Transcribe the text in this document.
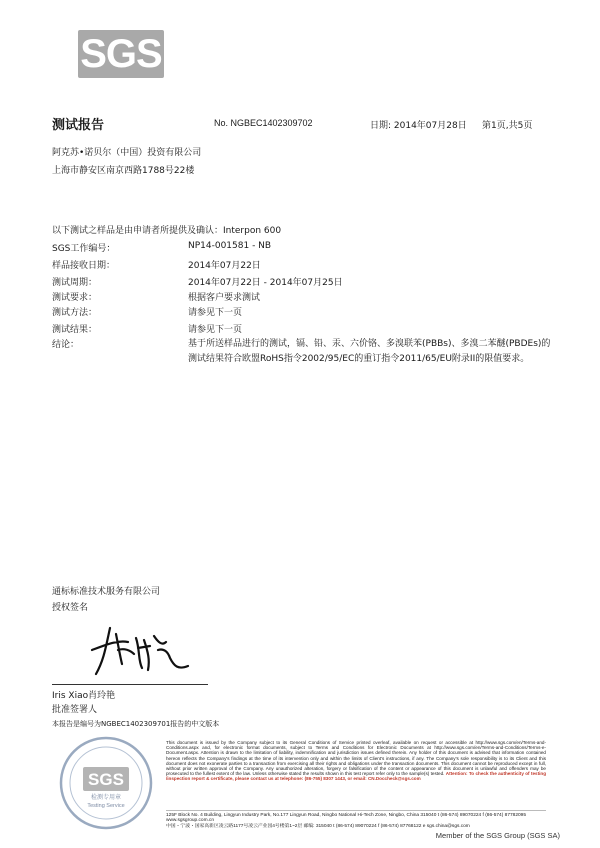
SGS
测试报告	No. NGBEC1402309702	日期: 2014年07月28日 第1页,共5页
阿克苏•诺贝尔（中国）投资有限公司
上海市静安区南京西路1788号22楼
以下测试之样品是由申请者所提供及确认：Interpon 600
SGS工作编号：	NP14-001581 - NB
样品接收日期：	2014年07月22日
测试周期：	2014年07月22日 - 2014年07月25日
测试要求：	根据客户要求测试
测试方法：	请参见下一页
测试结果：	请参见下一页
结论：	基于所送样品进行的测试，镉、铅、汞、六价铬、多溴联苯(PBBs)、多溴二苯醚(PBDEs)的测试结果符合欧盟RoHS指令2002/95/EC的重订指令2011/65/EU附录II的限值要求。
通标标准技术服务有限公司
授权签名
Iris Xiao肖玲艳
批准签署人
本报告是编号为NGBEC1402309701报告的中文版本
SGS
检测专用章
Testing Service
This document is issued by the Company subject to its General Conditions of Service printed overleaf, available on request or accessible at http://www.sgs.com/en/Terms-and-Conditions.aspx and, for electronic format documents, subject to Terms and Conditions for Electronic Documents at http://www.sgs.com/en/Terms-and-Conditions/Terms-e-Document.aspx. Attention is drawn to the limitation of liability, indemnification and jurisdiction issues defined therein. Any holder of this document is advised that information contained hereon reflects the Company's findings at the time of its intervention only and within the limits of Client's instructions, if any. The Company's sole responsibility is to its Client and this document does not exonerate parties to a transaction from exercising all their rights and obligations under the transaction documents. This document cannot be reproduced except in full, without prior written approval of the Company. Any unauthorized alteration, forgery or falsification of the content or appearance of this document is unlawful and offenders may be prosecuted to the fullest extent of the law. Unless otherwise stated the results shown in this test report refer only to the sample(s) tested. Attention: To check the authenticity of testing /inspection report & certificate, please contact us at telephone: (86-755) 8307 1443, or email: CN.Doccheck@sgs.com
125F Block No. 4 Building, Lingyun Industry Park, No.177 Lingyun Road, Ningbo National Hi-Tech Zone, Ningbo, China 315040 t (86-574) 89070224 f (86-574) 87782095 www.sgsgroup.com.cn
中国・宁波・国家高新区凌云路1177号凌云产业园4号楼第1~2层 邮编: 315040 t (86-574) 89070224 f (86-574) 87768122 e sgs.china@sgs.com
Member of the SGS Group (SGS SA)
